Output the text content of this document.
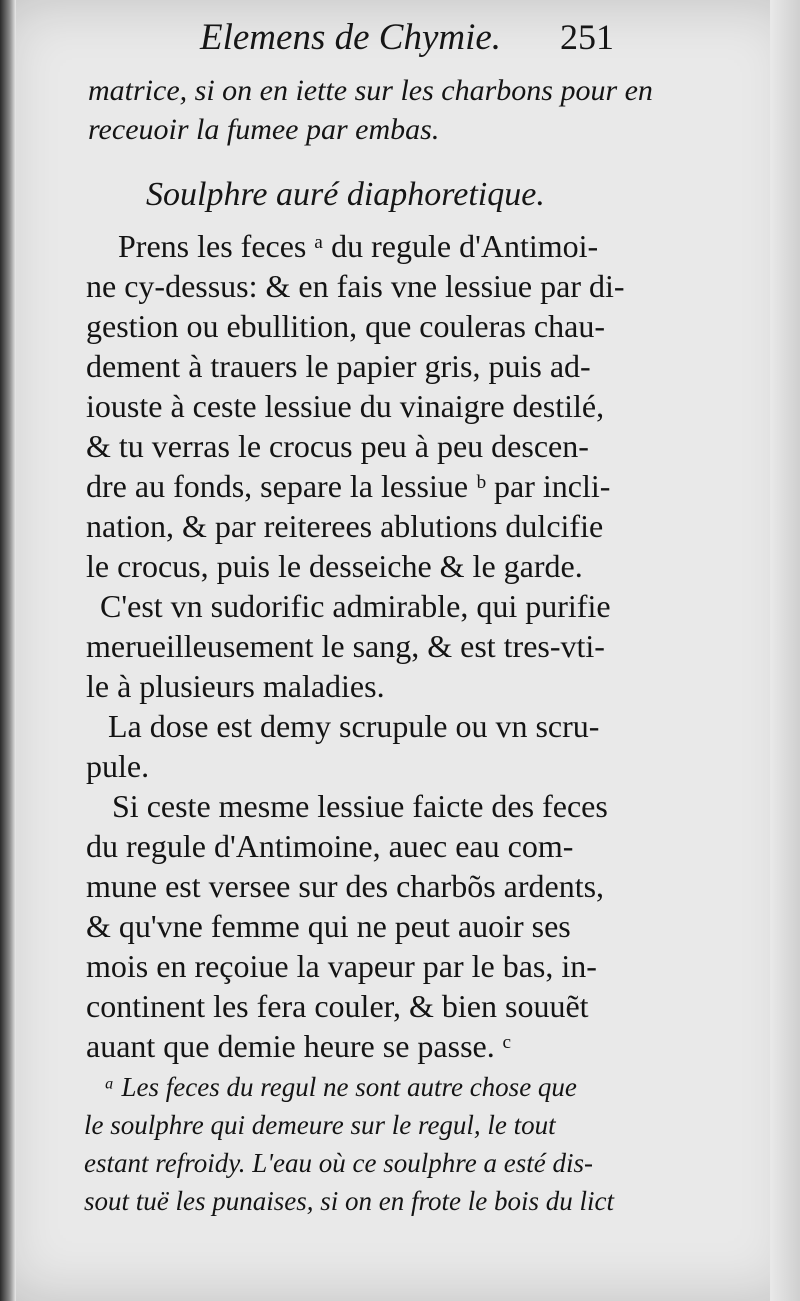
Elemens de Chymie. 251
matrice, si on en iette sur les charbons pour en
receuoir la fumee par embas.
Soulphre auré diaphoretique.
Prens les feces ᵃ du regule d'Antimoi-
ne cy-dessus: & en fais vne lessiue par di-
gestion ou ebullition, que couleras chau-
dement à trauers le papier gris, puis ad-
iouste à ceste lessiue du vinaigre destilé,
& tu verras le crocus peu à peu descen-
dre au fonds, separe la lessiue ᵇ par incli-
nation, & par reiterees ablutions dulcifie
le crocus, puis le desseiche & le garde.
C'est vn sudorific admirable, qui purifie
merueilleusement le sang, & est tres-vti-
le à plusieurs maladies.
La dose est demy scrupule ou vn scru-
pule.
Si ceste mesme lessiue faicte des feces
du regule d'Antimoine, auec eau com-
mune est versee sur des charbõs ardents,
& qu'vne femme qui ne peut auoir ses
mois en reçoiue la vapeur par le bas, in-
continent les fera couler, & bien souuẽt
auant que demie heure se passe. ᶜ
ᵃ Les feces du regul ne sont autre chose que
le soulphre qui demeure sur le regul, le tout
estant refroidy. L'eau où ce soulphre a esté dis-
sout tuë les punaises, si on en frote le bois du lict
